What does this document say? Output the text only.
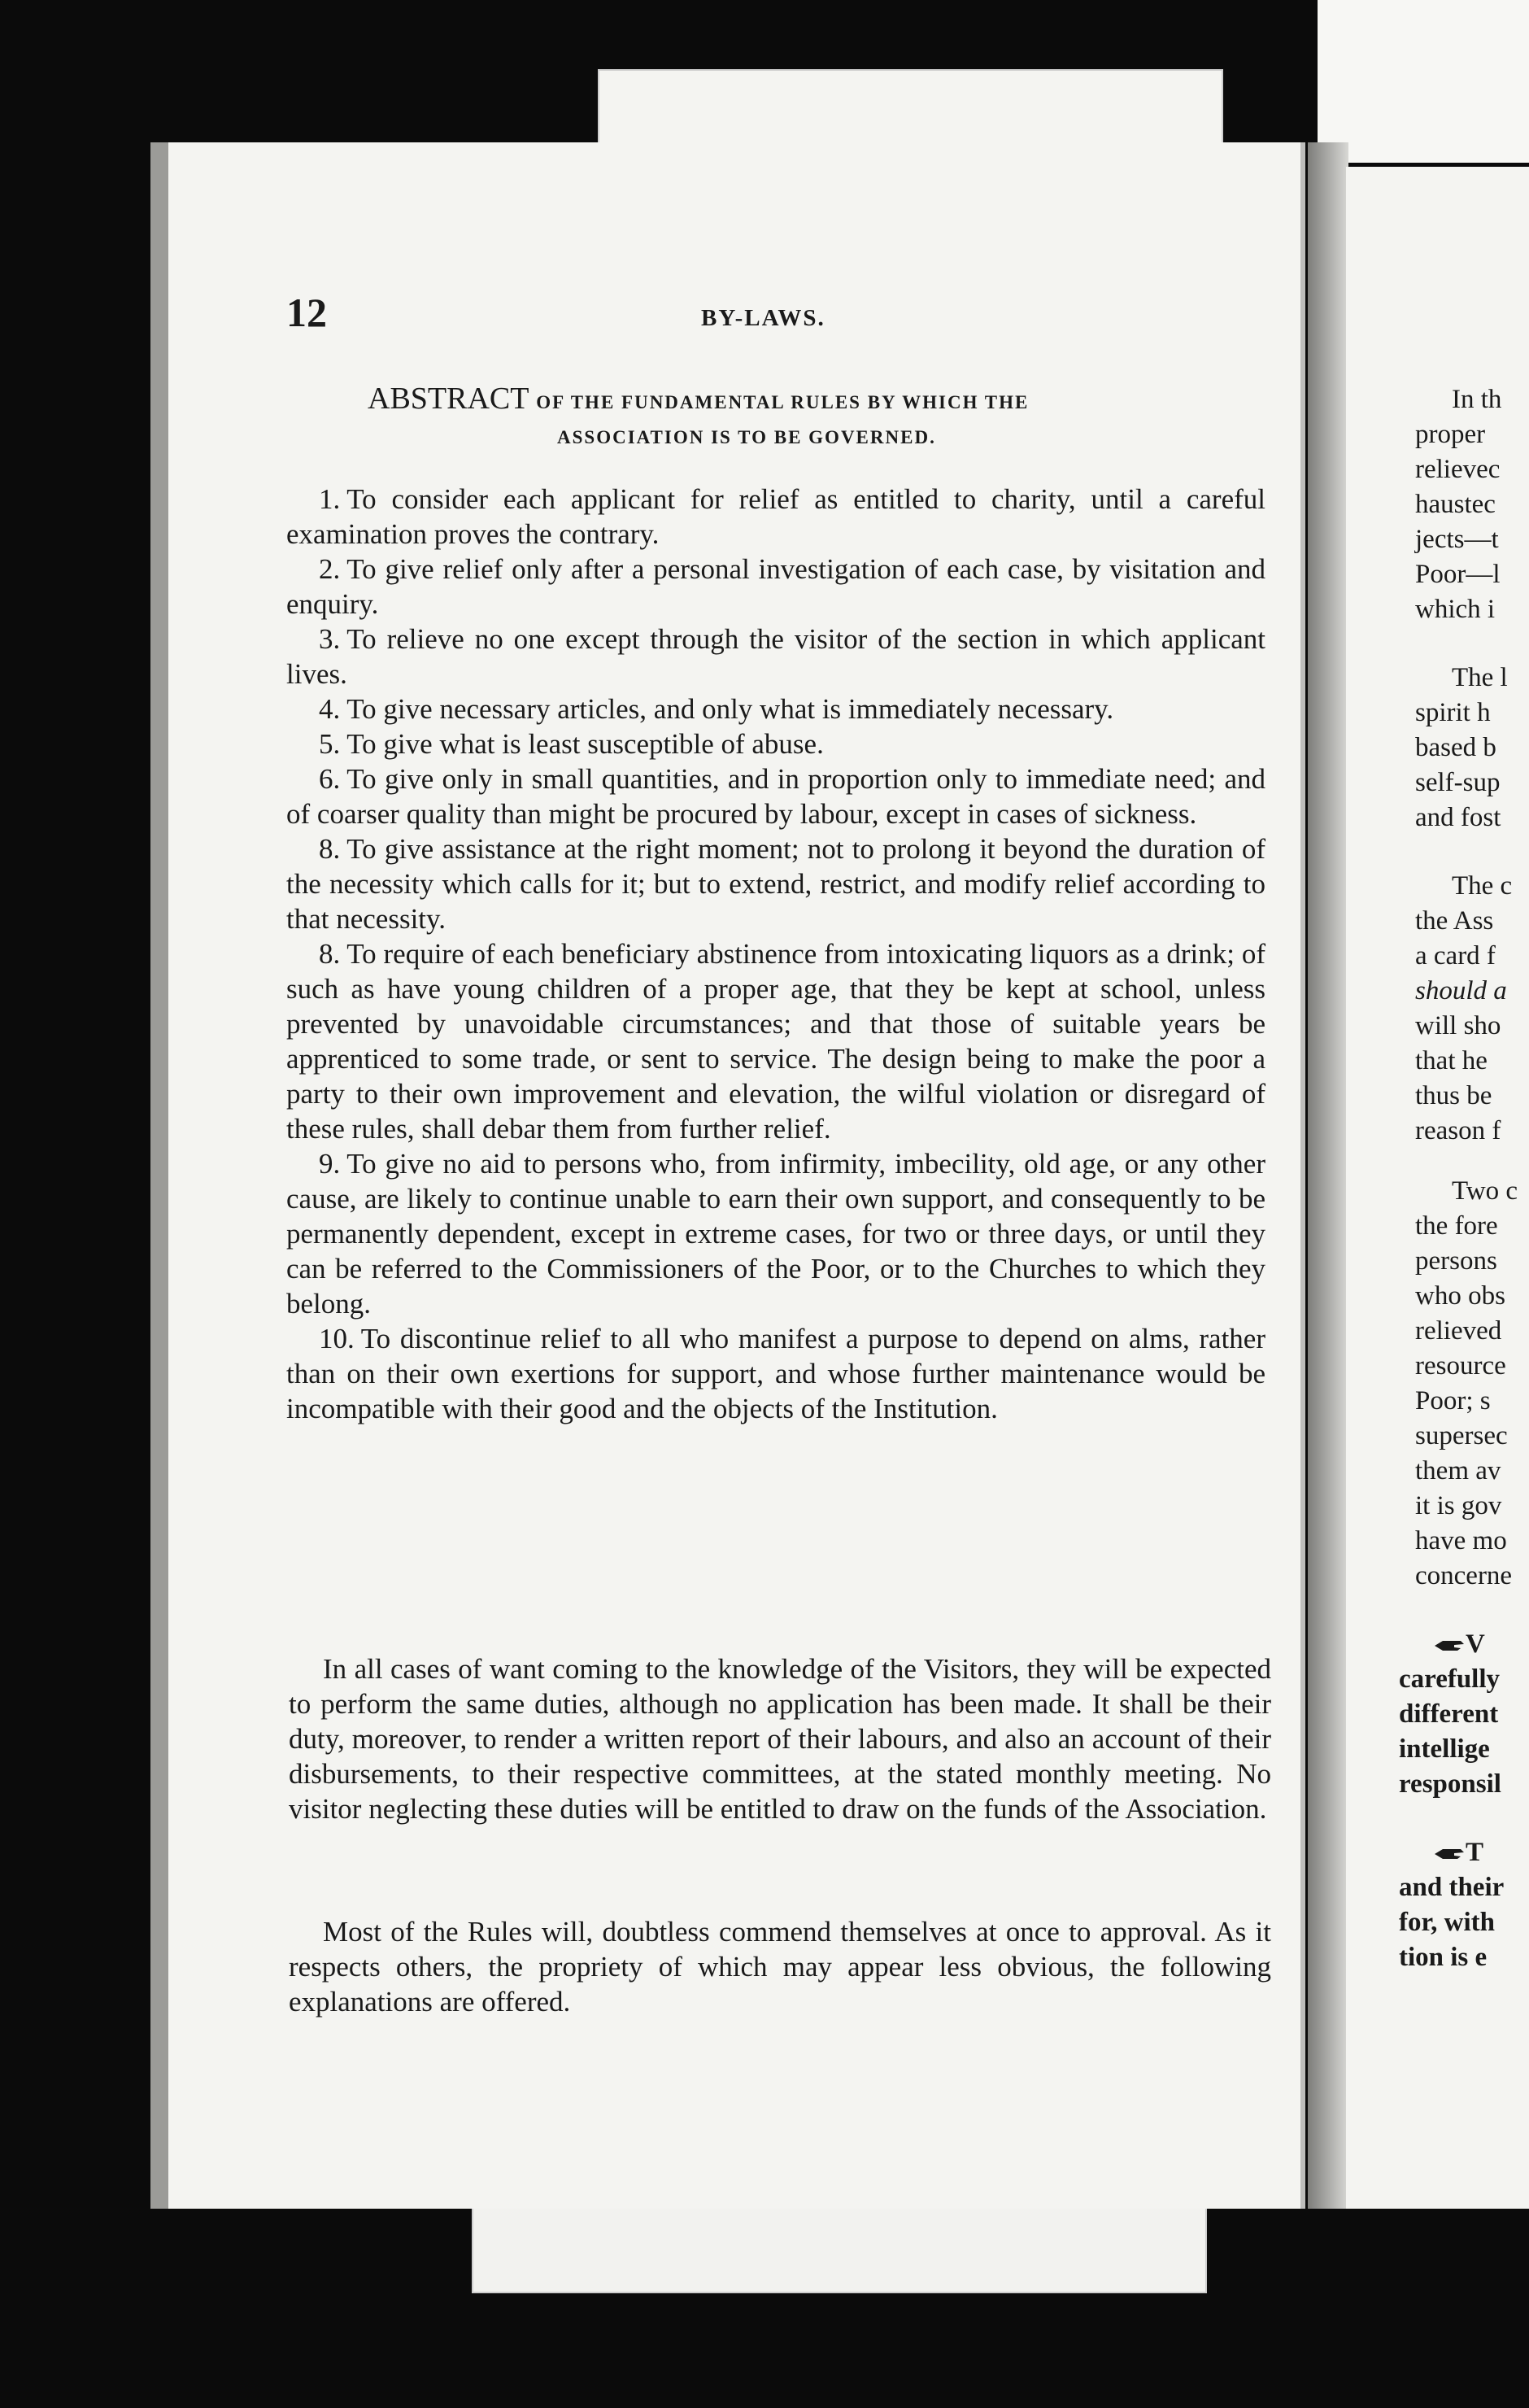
12	BY-LAWS.
ABSTRACT OF THE FUNDAMENTAL RULES BY WHICH THE
ASSOCIATION IS TO BE GOVERNED.
1. To consider each applicant for relief as entitled to charity, until a careful examination proves the contrary.
2. To give relief only after a personal investigation of each case, by visitation and enquiry.
3. To relieve no one except through the visitor of the section in which applicant lives.
4. To give necessary articles, and only what is immediately necessary.
5. To give what is least susceptible of abuse.
6. To give only in small quantities, and in proportion only to immediate need; and of coarser quality than might be procured by labour, except in cases of sickness.
8. To give assistance at the right moment; not to prolong it beyond the duration of the necessity which calls for it; but to extend, restrict, and modify relief according to that necessity.
8. To require of each beneficiary abstinence from intoxicating liquors as a drink; of such as have young children of a proper age, that they be kept at school, unless prevented by unavoidable circumstances; and that those of suitable years be apprenticed to some trade, or sent to service. The design being to make the poor a party to their own improvement and elevation, the wilful violation or disregard of these rules, shall debar them from further relief.
9. To give no aid to persons who, from infirmity, imbecility, old age, or any other cause, are likely to continue unable to earn their own support, and consequently to be permanently dependent, except in extreme cases, for two or three days, or until they can be referred to the Commissioners of the Poor, or to the Churches to which they belong.
10. To discontinue relief to all who manifest a purpose to depend on alms, rather than on their own exertions for support, and whose further maintenance would be incompatible with their good and the objects of the Institution.

In all cases of want coming to the knowledge of the Visitors, they will be expected to perform the same duties, although no application has been made. It shall be their duty, moreover, to render a written report of their labours, and also an account of their disbursements, to their respective committees, at the stated monthly meeting. No visitor neglecting these duties will be entitled to draw on the funds of the Association.

Most of the Rules will, doubtless commend themselves at once to approval. As it respects others, the propriety of which may appear less obvious, the following explanations are offered.

In th
proper
relievec
haustec
jects—t
Poor—l
which i
The l
spirit h
based b
self-sup
and fost
The c
the Ass
a card f
should a
will sho
that he
thus be
reason f
Two c
the fore
persons
who obs
relieved
resource
Poor; s
supersec
them av
it is gov
have mo
concerne
V
carefully
different
intellige
responsil
T
and their
for, with
tion is e
